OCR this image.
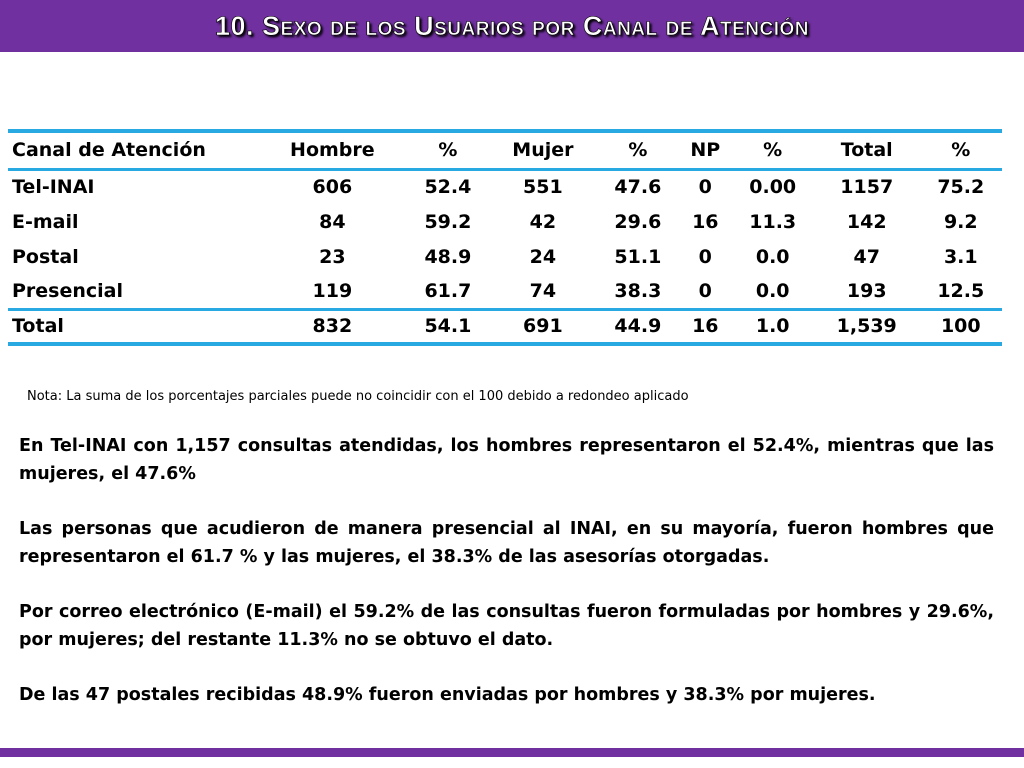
10. Sexo de los Usuarios por Canal de Atención
Canal de Atención	Hombre	%	Mujer	%	NP	%	Total	%
Tel-INAI	606	52.4	551	47.6	0	0.00	1157	75.2
E-mail	84	59.2	42	29.6	16	11.3	142	9.2
Postal	23	48.9	24	51.1	0	0.0	47	3.1
Presencial	119	61.7	74	38.3	0	0.0	193	12.5
Total	832	54.1	691	44.9	16	1.0	1,539	100
Nota: La suma de los porcentajes parciales puede no coincidir con el 100 debido a redondeo aplicado

En Tel-INAI con 1,157 consultas atendidas, los hombres representaron el 52.4%, mientras que las mujeres, el 47.6%

Las personas que acudieron de manera presencial al INAI, en su mayoría, fueron hombres que representaron el 61.7 % y las mujeres, el 38.3% de las asesorías otorgadas.

Por correo electrónico (E-mail) el 59.2% de las consultas fueron formuladas por hombres y 29.6%, por mujeres; del restante 11.3% no se obtuvo el dato.

De las 47 postales recibidas 48.9% fueron enviadas por hombres y 38.3% por mujeres.
